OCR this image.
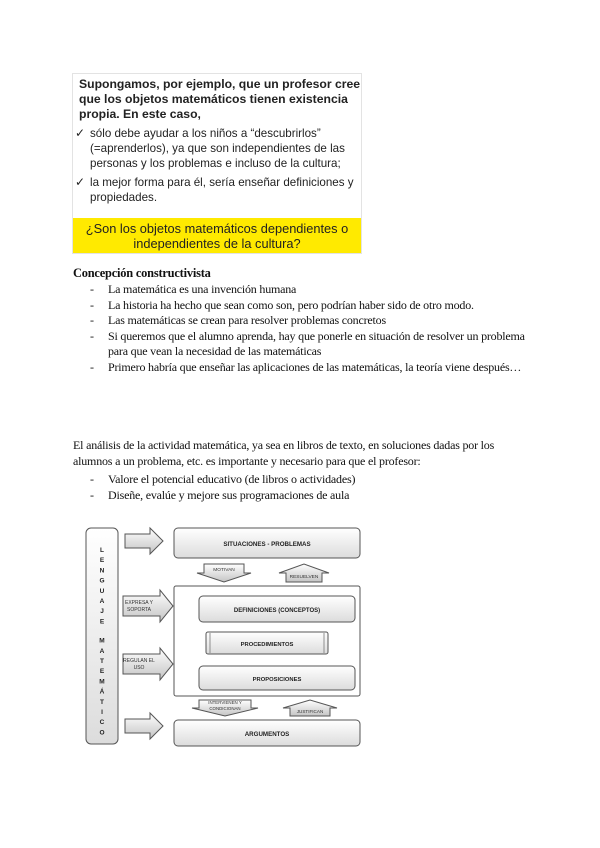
Supongamos, por ejemplo, que un profesor cree que los objetos matemáticos tienen existencia propia. En este caso,
✓ sólo debe ayudar a los niños a “descubrirlos” (=aprenderlos), ya que son independientes de las personas y los problemas e incluso de la cultura;
✓ la mejor forma para él, sería enseñar definiciones y propiedades.
¿Son los objetos matemáticos dependientes o independientes de la cultura?
Concepción constructivista
- La matemática es una invención humana
- La historia ha hecho que sean como son, pero podrían haber sido de otro modo.
- Las matemáticas se crean para resolver problemas concretos
- Si queremos que el alumno aprenda, hay que ponerle en situación de resolver un problema para que vean la necesidad de las matemáticas
- Primero habría que enseñar las aplicaciones de las matemáticas, la teoría viene después…

El análisis de la actividad matemática, ya sea en libros de texto, en soluciones dadas por los alumnos a un problema, etc. es importante y necesario para que el profesor:

- Valore el potencial educativo (de libros o actividades)
- Diseñe, evalúe y mejore sus programaciones de aula
L
E
N
G
U
A
J
E
M
A
T
E
M
Á
T
I
C
O
EXPRESA Y
SOPORTA
REGULAN EL
USO
SITUACIONES - PROBLEMAS
MOTIVAN
RESUELVEN
DEFINICIONES (CONCEPTOS)
PROCEDIMIENTOS
PROPOSICIONES
INTERVIENEN Y
CONDICIONAN
JUSTIFICAN
ARGUMENTOS
